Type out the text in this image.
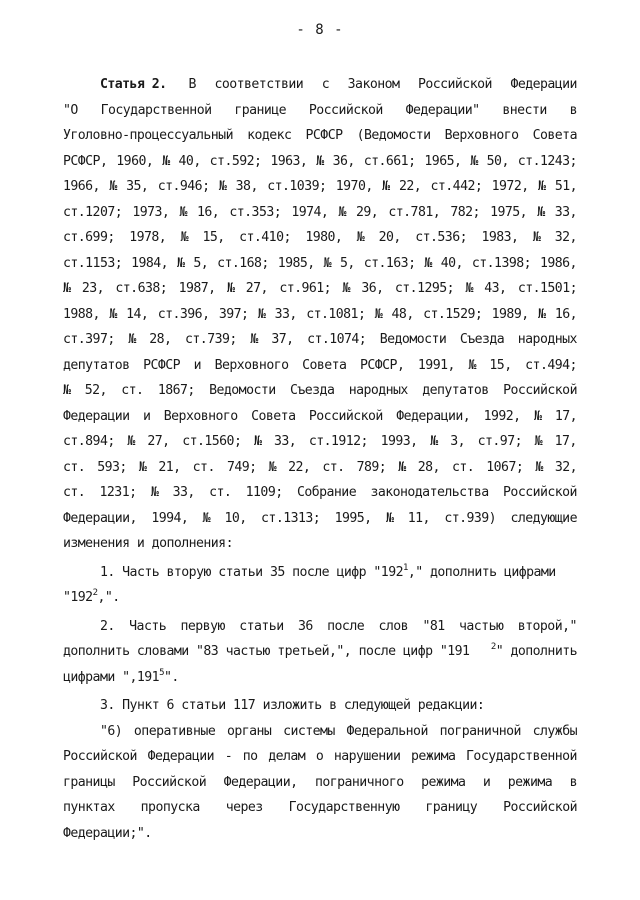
- 8 -
Статья 2. В соответствии с Законом Российской Федерации
"О Государственной границе Российской Федерации" внести в
Уголовно-процессуальный кодекс РСФСР (Ведомости Верховного Совета
РСФСР, 1960, № 40, ст.592; 1963, № 36, ст.661; 1965, № 50, ст.1243;
1966, № 35, ст.946; № 38, ст.1039; 1970, № 22, ст.442; 1972, № 51,
ст.1207; 1973, № 16, ст.353; 1974, № 29, ст.781, 782; 1975, № 33,
ст.699; 1978, № 15, ст.410; 1980, № 20, ст.536; 1983, № 32,
ст.1153; 1984, № 5, ст.168; 1985, № 5, ст.163; № 40, ст.1398; 1986,
№ 23, ст.638; 1987, № 27, ст.961; № 36, ст.1295; № 43, ст.1501;
1988, № 14, ст.396, 397; № 33, ст.1081; № 48, ст.1529; 1989, № 16,
ст.397; № 28, ст.739; № 37, ст.1074; Ведомости Съезда народных
депутатов РСФСР и Верховного Совета РСФСР, 1991, № 15, ст.494;
№ 52, ст. 1867; Ведомости Съезда народных депутатов Российской
Федерации и Верховного Совета Российской Федерации, 1992, № 17,
ст.894; № 27, ст.1560; № 33, ст.1912; 1993, № 3, ст.97; № 17,
ст. 593; № 21, ст. 749; № 22, ст. 789; № 28, ст. 1067; № 32,
ст. 1231; № 33, ст. 1109; Собрание законодательства Российской
Федерации, 1994, № 10, ст.1313; 1995, № 11, ст.939) следующие
изменения и дополнения:
1. Часть вторую статьи 35 после цифр "$192^1$," дополнить цифрами
"$192^2$,".
2. Часть первую статьи 36 после слов "81 частью второй,"
дополнить словами "83 частью третьей,", после цифр "191 $^2$" дополнить
цифрами ",191$^5$".
3. Пункт 6 статьи 117 изложить в следующей редакции:
"6) оперативные органы системы Федеральной пограничной службы
Российской Федерации - по делам о нарушении режима Государственной
границы Российской Федерации, пограничного режима и режима в
пунктах пропуска через Государственную границу Российской
Федерации;".
